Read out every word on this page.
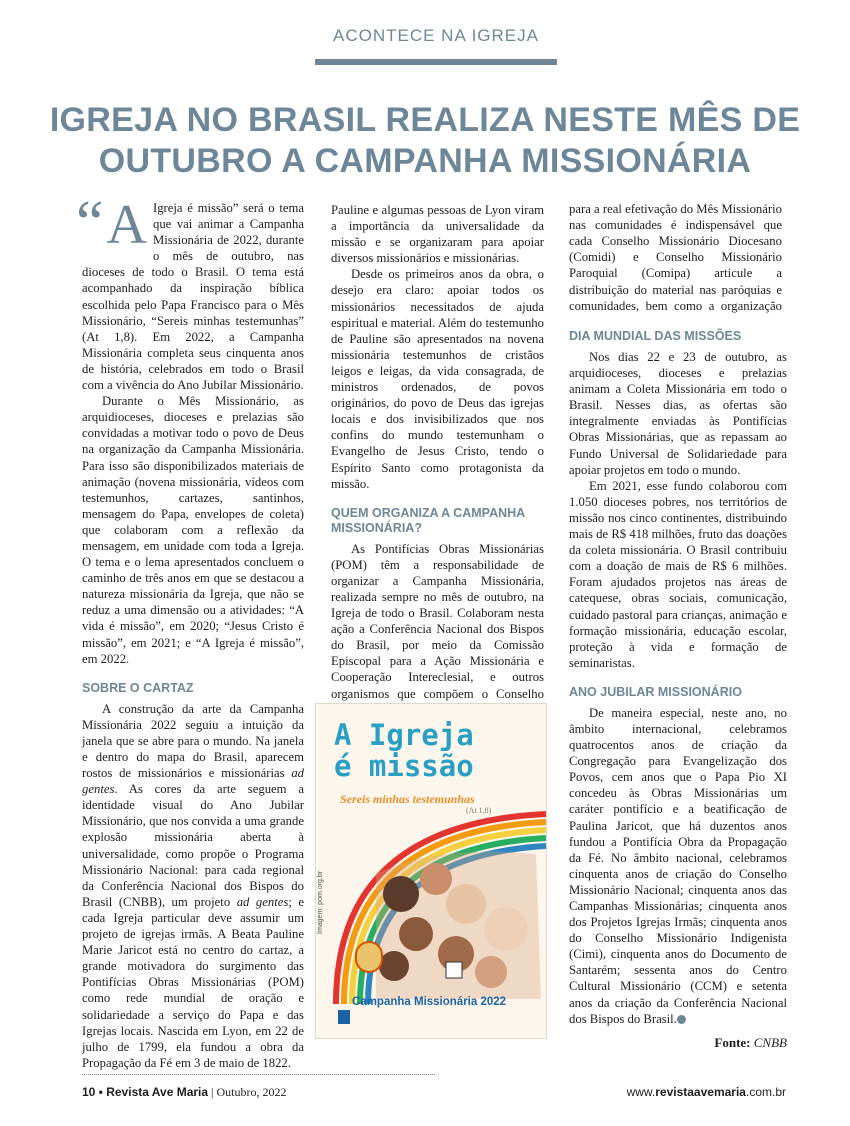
ACONTECE NA IGREJA
IGREJA NO BRASIL REALIZA NESTE MÊS DE OUTUBRO A CAMPANHA MISSIONÁRIA

“ A Igreja é missão” será o tema que vai animar a Campanha Missionária de 2022, durante o mês de outubro, nas dioceses de todo o Brasil. O tema está acompanhado da inspiração bíblica escolhida pelo Papa Francisco para o Mês Missionário, “Sereis minhas testemunhas” (At 1,8). Em 2022, a Campanha Missionária completa seus cinquenta anos de história, celebrados em todo o Brasil com a vivência do Ano Jubilar Missionário.

Durante o Mês Missionário, as arquidioceses, dioceses e prelazias são convidadas a motivar todo o povo de Deus na organização da Campanha Missionária. Para isso são disponibilizados materiais de animação (novena missionária, vídeos com testemunhos, cartazes, santinhos, mensagem do Papa, envelopes de coleta) que colaboram com a reflexão da mensagem, em unidade com toda a Igreja. O tema e o lema apresentados concluem o caminho de três anos em que se destacou a natureza missionária da Igreja, que não se reduz a uma dimensão ou a atividades: “A vida é missão”, em 2020; “Jesus Cristo é missão”, em 2021; e “A Igreja é missão”, em 2022.

SOBRE O CARTAZ

A construção da arte da Campanha Missionária 2022 seguiu a intuição da janela que se abre para o mundo. Na janela e dentro do mapa do Brasil, aparecem rostos de missionários e missionárias ad gentes. As cores da arte seguem a identidade visual do Ano Jubilar Missionário, que nos convida a uma grande explosão missionária aberta à universalidade, como propõe o Programa Missionário Nacional: para cada regional da Conferência Nacional dos Bispos do Brasil (CNBB), um projeto ad gentes; e cada Igreja particular deve assumir um projeto de igrejas irmãs. A Beata Pauline Marie Jaricot está no centro do cartaz, a grande motivadora do surgimento das Pontifícias Obras Missionárias (POM) como rede mundial de oração e solidariedade a serviço do Papa e das Igrejas locais. Nascida em Lyon, em 22 de julho de 1799, ela fundou a obra da Propagação da Fé em 3 de maio de 1822.

Pauline e algumas pessoas de Lyon viram a importância da universalidade da missão e se organizaram para apoiar diversos missionários e missionárias.

Desde os primeiros anos da obra, o desejo era claro: apoiar todos os missionários necessitados de ajuda espiritual e material. Além do testemunho de Pauline são apresentados na novena missionária testemunhos de cristãos leigos e leigas, da vida consagrada, de ministros ordenados, de povos originários, do povo de Deus das igrejas locais e dos invisibilizados que nos confins do mundo testemunham o Evangelho de Jesus Cristo, tendo o Espírito Santo como protagonista da missão.

QUEM ORGANIZA A CAMPANHA MISSIONÁRIA?

As Pontifícias Obras Missionárias (POM) têm a responsabilidade de organizar a Campanha Missionária, realizada sempre no mês de outubro, na Igreja de todo o Brasil. Colaboram nesta ação a Conferência Nacional dos Bispos do Brasil, por meio da Comissão Episcopal para a Ação Missionária e Cooperação Intereclesial, e outros organismos que compõem o Conselho

para a real efetivação do Mês Missionário nas comunidades é indispensável que cada Conselho Missionário Diocesano (Comidi) e Conselho Missionário Paroquial (Comipa) articule a distribuição do material nas paróquias e comunidades, bem como a organização

DIA MUNDIAL DAS MISSÕES

Nos dias 22 e 23 de outubro, as arquidioceses, dioceses e prelazias animam a Coleta Missionária em todo o Brasil. Nesses dias, as ofertas são integralmente enviadas às Pontifícias Obras Missionárias, que as repassam ao Fundo Universal de Solidariedade para apoiar projetos em todo o mundo.

Em 2021, esse fundo colaborou com 1.050 dioceses pobres, nos territórios de missão nos cinco continentes, distribuindo mais de R$ 418 milhões, fruto das doações da coleta missionária. O Brasil contribuiu com a doação de mais de R$ 6 milhões. Foram ajudados projetos nas áreas de catequese, obras sociais, comunicação, cuidado pastoral para crianças, animação e formação missionária, educação escolar, proteção à vida e formação de seminaristas.

ANO JUBILAR MISSIONÁRIO

De maneira especial, neste ano, no âmbito internacional, celebramos quatrocentos anos de criação da Congregação para Evangelização dos Povos, cem anos que o Papa Pio XI concedeu às Obras Missionárias um caráter pontifício e a beatificação de Paulina Jaricot, que há duzentos anos fundou a Pontifícia Obra da Propagação da Fé. No âmbito nacional, celebramos cinquenta anos de criação do Conselho Missionário Nacional; cinquenta anos das Campanhas Missionárias; cinquenta anos dos Projetos Igrejas Irmãs; cinquenta anos do Conselho Missionário Indigenista (Cimi), cinquenta anos do Documento de Santarém; sessenta anos do Centro Cultural Missionário (CCM) e setenta anos da criação da Conferência Nacional dos Bispos do Brasil.

Fonte: CNBB
A Igreja
é missão
Sereis minhas testemunhas
(At 1,8)
Campanha Missionária 2022
Imagem: pom.org.br
10 • Revista Ave Maria | Outubro, 2022	www.revistaavemaria.com.br
